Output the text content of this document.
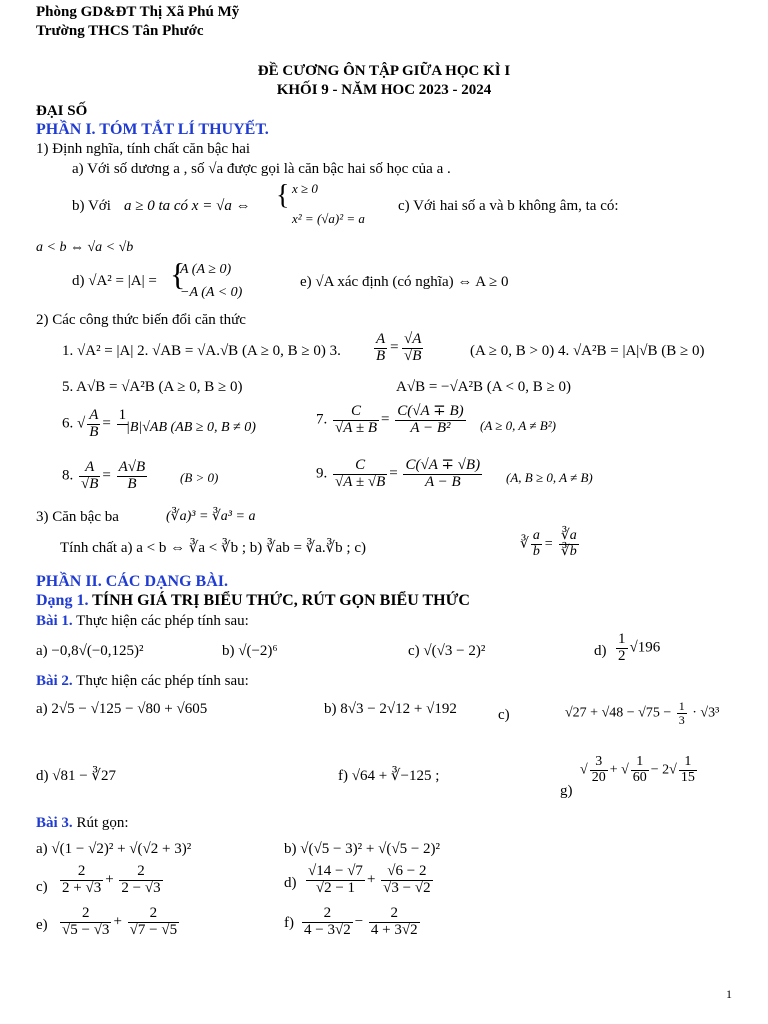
Phòng GD&ĐT Thị Xã Phú Mỹ
Trường THCS Tân Phước
ĐỀ CƯƠNG ÔN TẬP GIỮA HỌC KÌ I
KHỐI 9 - NĂM HOC 2023 - 2024
ĐẠI SỐ
PHẦN I. TÓM TẮT LÍ THUYẾT.
1) Định nghĩa, tính chất căn bậc hai
a) Với số dương a , số √a được gọi là căn bậc hai số học của a .
b) Với a ≥ 0 ta có x = √a ⇔ { x ≥ 0
x² = (√a)² = a
c) Với hai số a và b không âm, ta có:
a < b ⇔ √a < √b
d) √A² = |A| = {
A (A ≥ 0)
−A (A < 0)
e) √A xác định (có nghĩa) ⇔ A ≥ 0
2) Các công thức biến đổi căn thức
1. √A² = |A| 2. √AB = √A.√B (A ≥ 0, B ≥ 0) 3.	$\frac{√A}{√B}$
$\frac{A}{B}$ =	(A ≥ 0, B > 0) 4. √A²B = |A|√B (B ≥ 0)
5. A√B = √A²B (A ≥ 0, B ≥ 0)	A√B = −√A²B (A < 0, B ≥ 0)
6. √ $\frac{A}{B}$ =
1

|B|√AB (AB ≥ 0, B ≠ 0)	7. $\frac{C}{√A \pm B} = \frac{C(√A \mp B)}{\text{A − B²}} (A \ge 0$, A ≠ B²)
8. $\frac{A}{√B} = \frac{A√B}{B}$	(B > 0)	9. $\frac{C}{√A \pm √B} = \frac{C(√A \mp √B)}{A - B} (A$, B ≥ 0, A ≠ B)
3) Căn bậc ba	(∛a)³ = ∛a³ = a
Tính chất a) a < b ⇔ ∛a < ∛b ; b) ∛ab = ∛a.∛b ; c)	∛ $\frac{a}{b} = \frac{∛a}{∛b}$
PHẦN II. CÁC DẠNG BÀI.
Dạng 1. TÍNH GIÁ TRỊ BIỂU THỨC, RÚT GỌN BIỂU THỨC
Bài 1. Thực hiện các phép tính sau:
a) −0,8√(−0,125)²	b) √(−2)⁶	c) √(√3 − 2)²	$d) \frac{1}{2} √196$
Bài 2. Thực hiện các phép tính sau:
a) 2√5 − √125 − √80 + √605	b) 8√3 − 2√12 + √192	c)	$√27 + √48 - √75 - \frac{1}{3} \cdot √3^3$
d) √81 − ∛27	f) √64 + ∛−125 ;
g)
√ $\frac{3}{20}$ + √ $\frac{1}{60} - 2√ \frac{1}{15}$
Bài 3. Rút gọn:
a) √(1 − √2)² + √(√2 + 3)²	b) √(√5 − 3)² + √(√5 − 2)²
$c) \frac{2}{2 + √3} + \frac{2}{2 - √3}$	$d) \frac{√14 - √7}{√2 - 1} + \frac{√6 - 2}{√3 - √2}$
$e) \frac{2}{√5 - √3} + \frac{2}{√7 - √5}$	$f) \frac{2}{4 - 3√2} - \frac{2}{4 + 3√2}$
1
